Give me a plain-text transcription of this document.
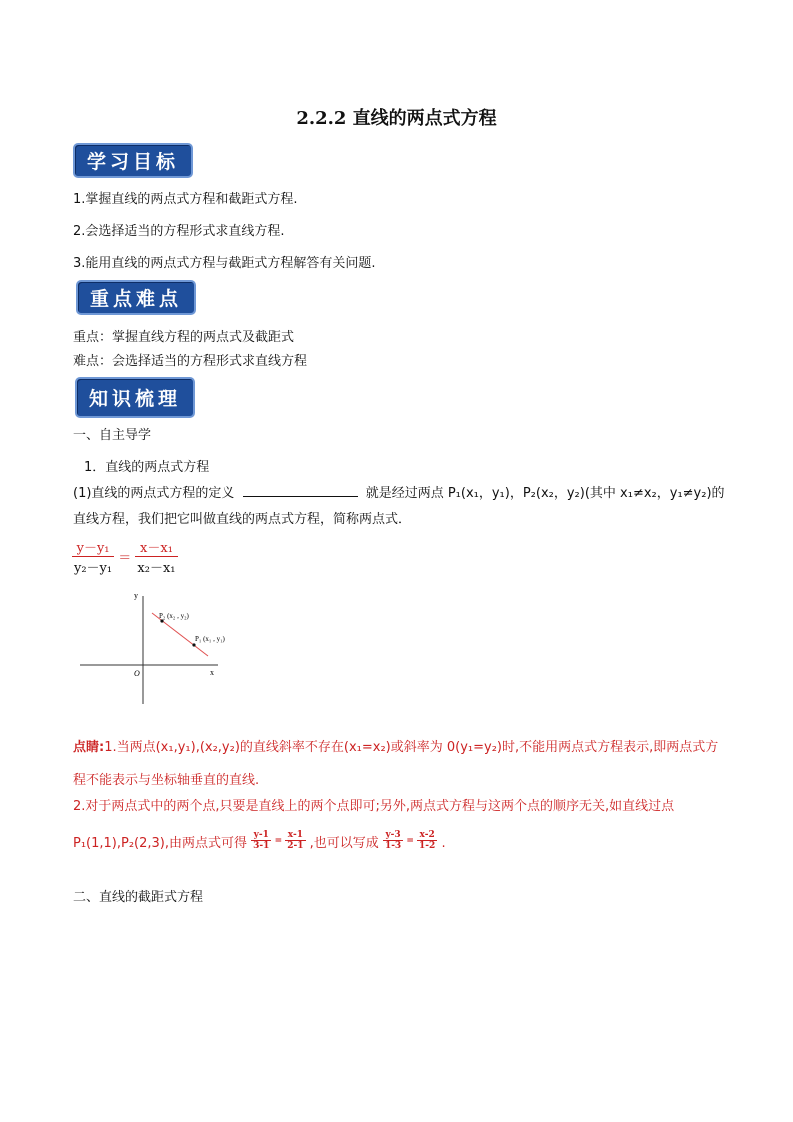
2.2.2 直线的两点式方程
学习目标
1.掌握直线的两点式方程和截距式方程.
2.会选择适当的方程形式求直线方程.
3.能用直线的两点式方程与截距式方程解答有关问题.
重点难点
重点：掌握直线方程的两点式及截距式
难点：会选择适当的方程形式求直线方程
知识梳理
一、自主导学
1．直线的两点式方程
(1)直线的两点式方程的定义	就是经过两点 P₁(x₁，y₁)，P₂(x₂，y₂)(其中 x₁≠x₂，y₁≠y₂)的
直线方程，我们把它叫做直线的两点式方程，简称两点式．
$\frac{\text{y－y₁}}{\text{y₂－y₁}} = \frac{\text{x－x₁}}{\text{x₂－x₁}}$
y
x
O
P₂ (x₂ , y₂)
P₁ (x₁ , y₁)
点睛:1.当两点(x₁,y₁),(x₂,y₂)的直线斜率不存在(x₁=x₂)或斜率为 0(y₁=y₂)时,不能用两点式方程表示,即两点式方
程不能表示与坐标轴垂直的直线.
2.对于两点式中的两个点,只要是直线上的两个点即可;另外,两点式方程与这两个点的顺序无关,如直线过点
P₁(1,1),P₂(2,3),由两点式可得 $\frac{y-1}{3-1} = \frac{x-1}{2-1}$ ,也可以写成 $\frac{y-3}{1-3} = \frac{x-2}{1-2}$ .
二、直线的截距式方程
